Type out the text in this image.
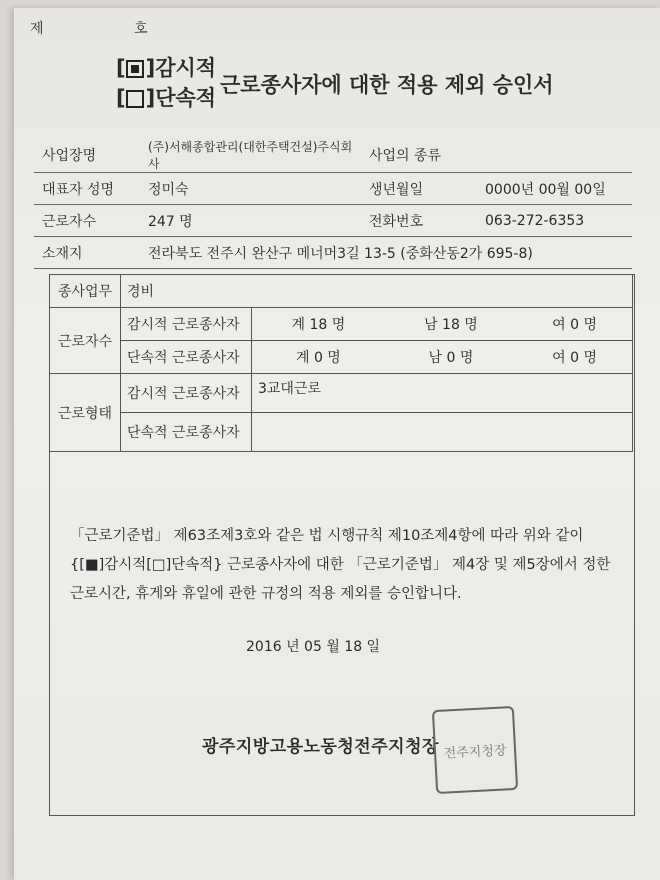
제	호
[ ]감시적
[ ]단속적
근로종사자에 대한 적용 제외 승인서
사업장명	(주)서해종합관리(대한주택건설)주식회사	사업의 종류	
대표자 성명	정미숙	생년월일	0000년 00월 00일
근로자수	247 명	전화번호	063-272-6353
소재지	전라북도 전주시 완산구 메너머3길 13-5 (중화산동2가 695-8)		
종사업무	경비			
근로자수	감시적 근로종사자	계 18 명	남 18 명	여 0 명
	단속적 근로종사자	계 0 명	남 0 명	여 0 명
근로형태	감시적 근로종사자	3교대근로		
	단속적 근로종사자			
「근로기준법」 제63조제3호와 같은 법 시행규칙 제10조제4항에 따라 위와 같이
{[■]감시적[□]단속적} 근로종사자에 대한 「근로기준법」 제4장 및 제5장에서 정한
근로시간, 휴게와 휴일에 관한 규정의 적용 제외를 승인합니다.
2016 년 05 월 18 일
광주지방고용노동청전주지청장 전주지청장
